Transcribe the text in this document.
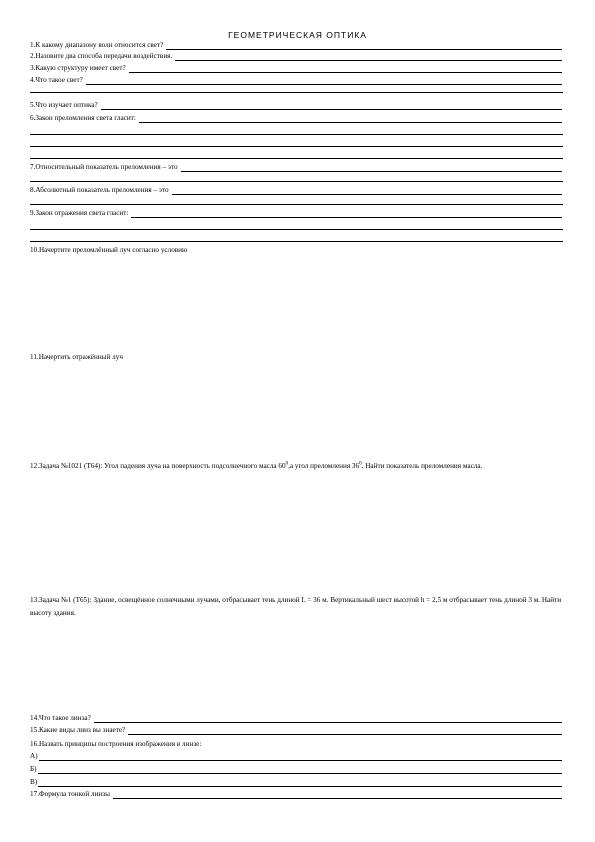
ГЕОМЕТРИЧЕСКАЯ ОПТИКА
1.К какому диапазону волн относится свет?
2.Назовите два способа передачи воздействия.
3.Какую структуру имеет свет?
4.Что такое свет?
5.Что изучает оптика?
6.Закон преломления света гласит:
7.Относительный показатель преломления – это
8.Абсолютный показатель преломления – это
9.Закон отражения света гласит:
10.Начертите преломлённый луч согласно условию
11.Начертить отражённый луч
12.Задача №1021 (Т64): Угол падения луча на поверхность подсолнечного масла $60^0,а$ угол преломления $36^0$. Найти показатель преломления масла.
13.Задача №1 (Т65): Здание, освещённое солнечными лучами, отбрасывает тень длиной L = 36 м. Вертикальный шест высотой h = 2,5 м отбрасывает тень длиной 3 м. Найти высоту здания.
14.Что такое линза?
15.Какие виды линз вы знаете?
16.Назвать принципы построения изображения в линзе:
А)
Б)
В)
17.Формула тонкой линзы
